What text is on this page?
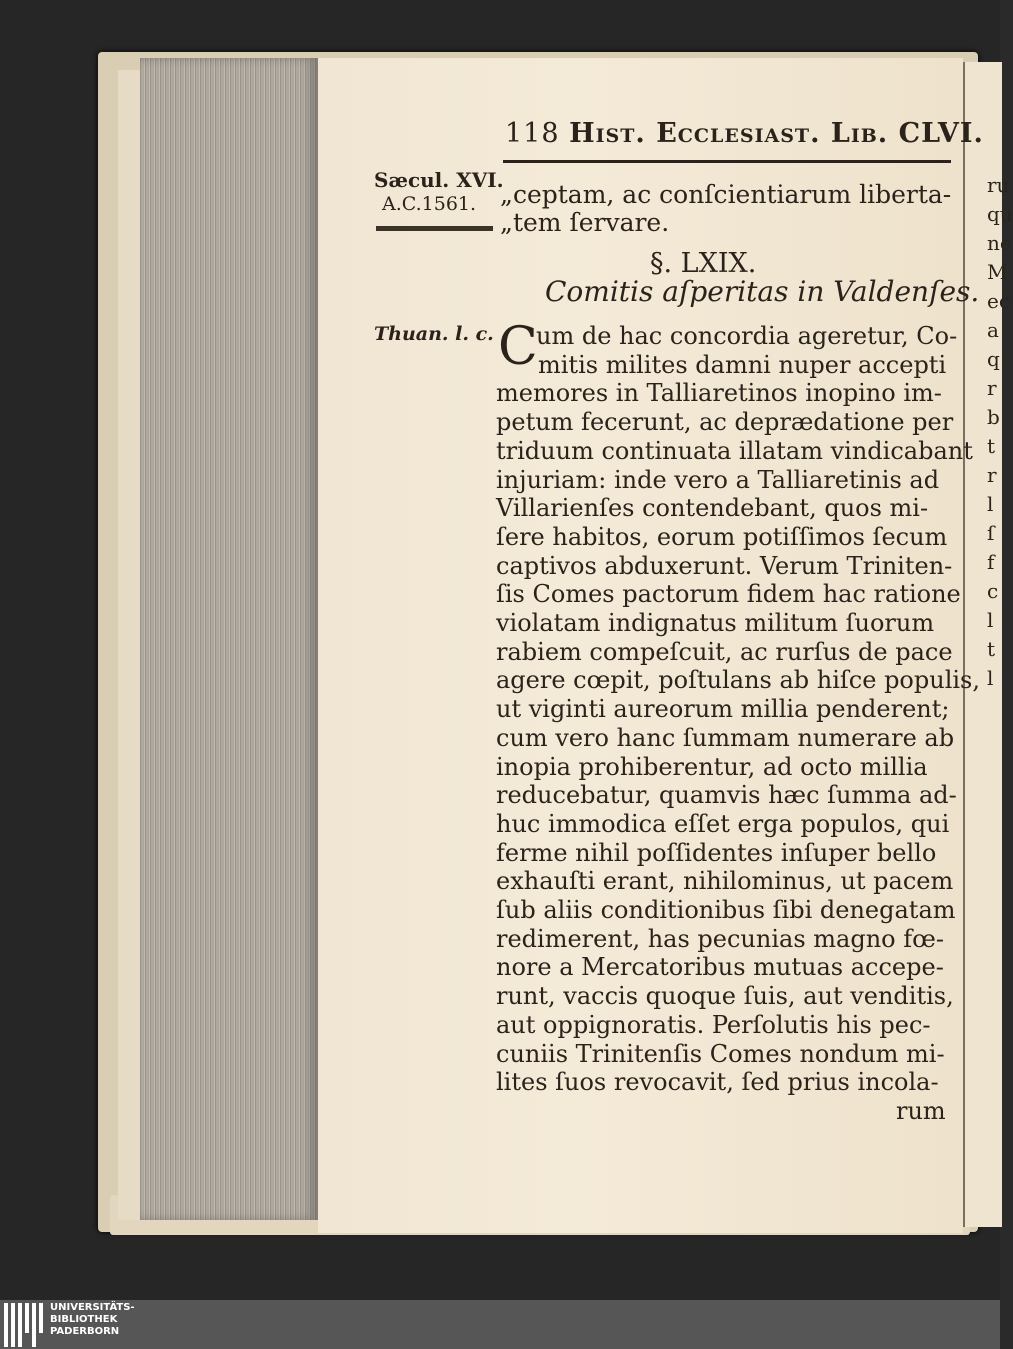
ru
qu
ne
M
ec
a
q
r
b
t
r
l
ſ
f
c
l
t
l
118 Hist. Ecclesiast. Lib. CLVI.
Sæcul. XVI.
A.C.1561.
Thuan. l. c.
„ceptam, ac conſcientiarum liberta-
„tem ſervare.
§. LXIX.
Comitis aſperitas in Valdenſes.
C
um de hac concordia ageretur, Co-
mitis milites damni nuper accepti
memores in Talliaretinos inopino im-
petum fecerunt, ac deprædatione per
triduum continuata illatam vindicabant
injuriam: inde vero a Talliaretinis ad
Villarienſes contendebant, quos mi-
ſere habitos, eorum potiſſimos ſecum
captivos abduxerunt. Verum Triniten-
ſis Comes pactorum fidem hac ratione
violatam indignatus militum ſuorum
rabiem compeſcuit, ac rurſus de pace
agere cœpit, poſtulans ab hiſce populis,
ut viginti aureorum millia penderent;
cum vero hanc ſummam numerare ab
inopia prohiberentur, ad octo millia
reducebatur, quamvis hæc ſumma ad-
huc immodica eſſet erga populos, qui
ferme nihil poſſidentes inſuper bello
exhauſti erant, nihilominus, ut pacem
ſub aliis conditionibus ſibi denegatam
redimerent, has pecunias magno fœ-
nore a Mercatoribus mutuas accepe-
runt, vaccis quoque ſuis, aut venditis,
aut oppignoratis. Perſolutis his pec-
cuniis Trinitenſis Comes nondum mi-
lites ſuos revocavit, ſed prius incola-
rum
UNIVERSITÄTS-
BIBLIOTHEK
PADERBORN
